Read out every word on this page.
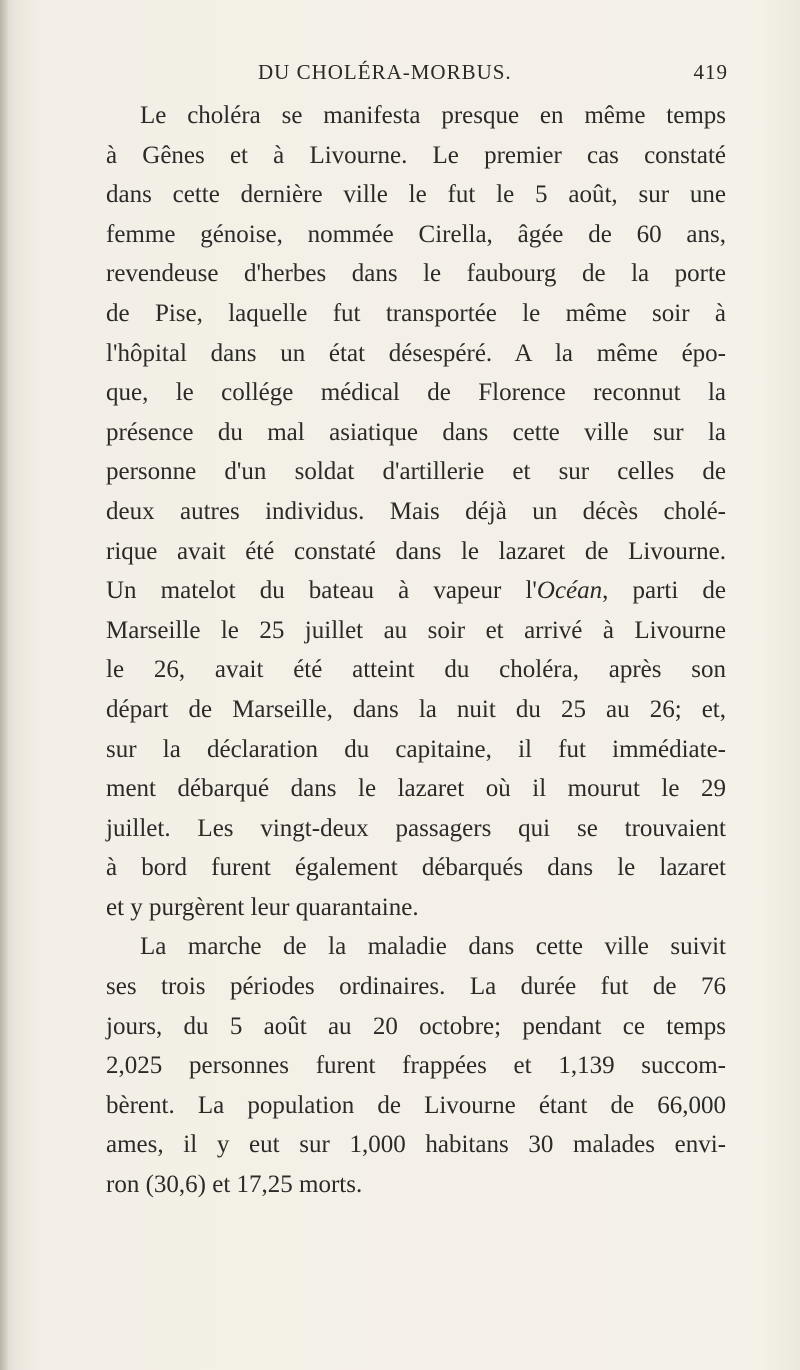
DU CHOLÉRA-MORBUS.	419
Le choléra se manifesta presque en même temps
à Gênes et à Livourne. Le premier cas constaté
dans cette dernière ville le fut le 5 août, sur une
femme génoise, nommée Cirella, âgée de 60 ans,
revendeuse d'herbes dans le faubourg de la porte
de Pise, laquelle fut transportée le même soir à
l'hôpital dans un état désespéré. A la même épo-
que, le collége médical de Florence reconnut la
présence du mal asiatique dans cette ville sur la
personne d'un soldat d'artillerie et sur celles de
deux autres individus. Mais déjà un décès cholé-
rique avait été constaté dans le lazaret de Livourne.
Un matelot du bateau à vapeur l'Océan, parti de
Marseille le 25 juillet au soir et arrivé à Livourne
le 26, avait été atteint du choléra, après son
départ de Marseille, dans la nuit du 25 au 26; et,
sur la déclaration du capitaine, il fut immédiate-
ment débarqué dans le lazaret où il mourut le 29
juillet. Les vingt-deux passagers qui se trouvaient
à bord furent également débarqués dans le lazaret
et y purgèrent leur quarantaine.
La marche de la maladie dans cette ville suivit
ses trois périodes ordinaires. La durée fut de 76
jours, du 5 août au 20 octobre; pendant ce temps
2,025 personnes furent frappées et 1,139 succom-
bèrent. La population de Livourne étant de 66,000
ames, il y eut sur 1,000 habitans 30 malades envi-
ron (30,6) et 17,25 morts.
